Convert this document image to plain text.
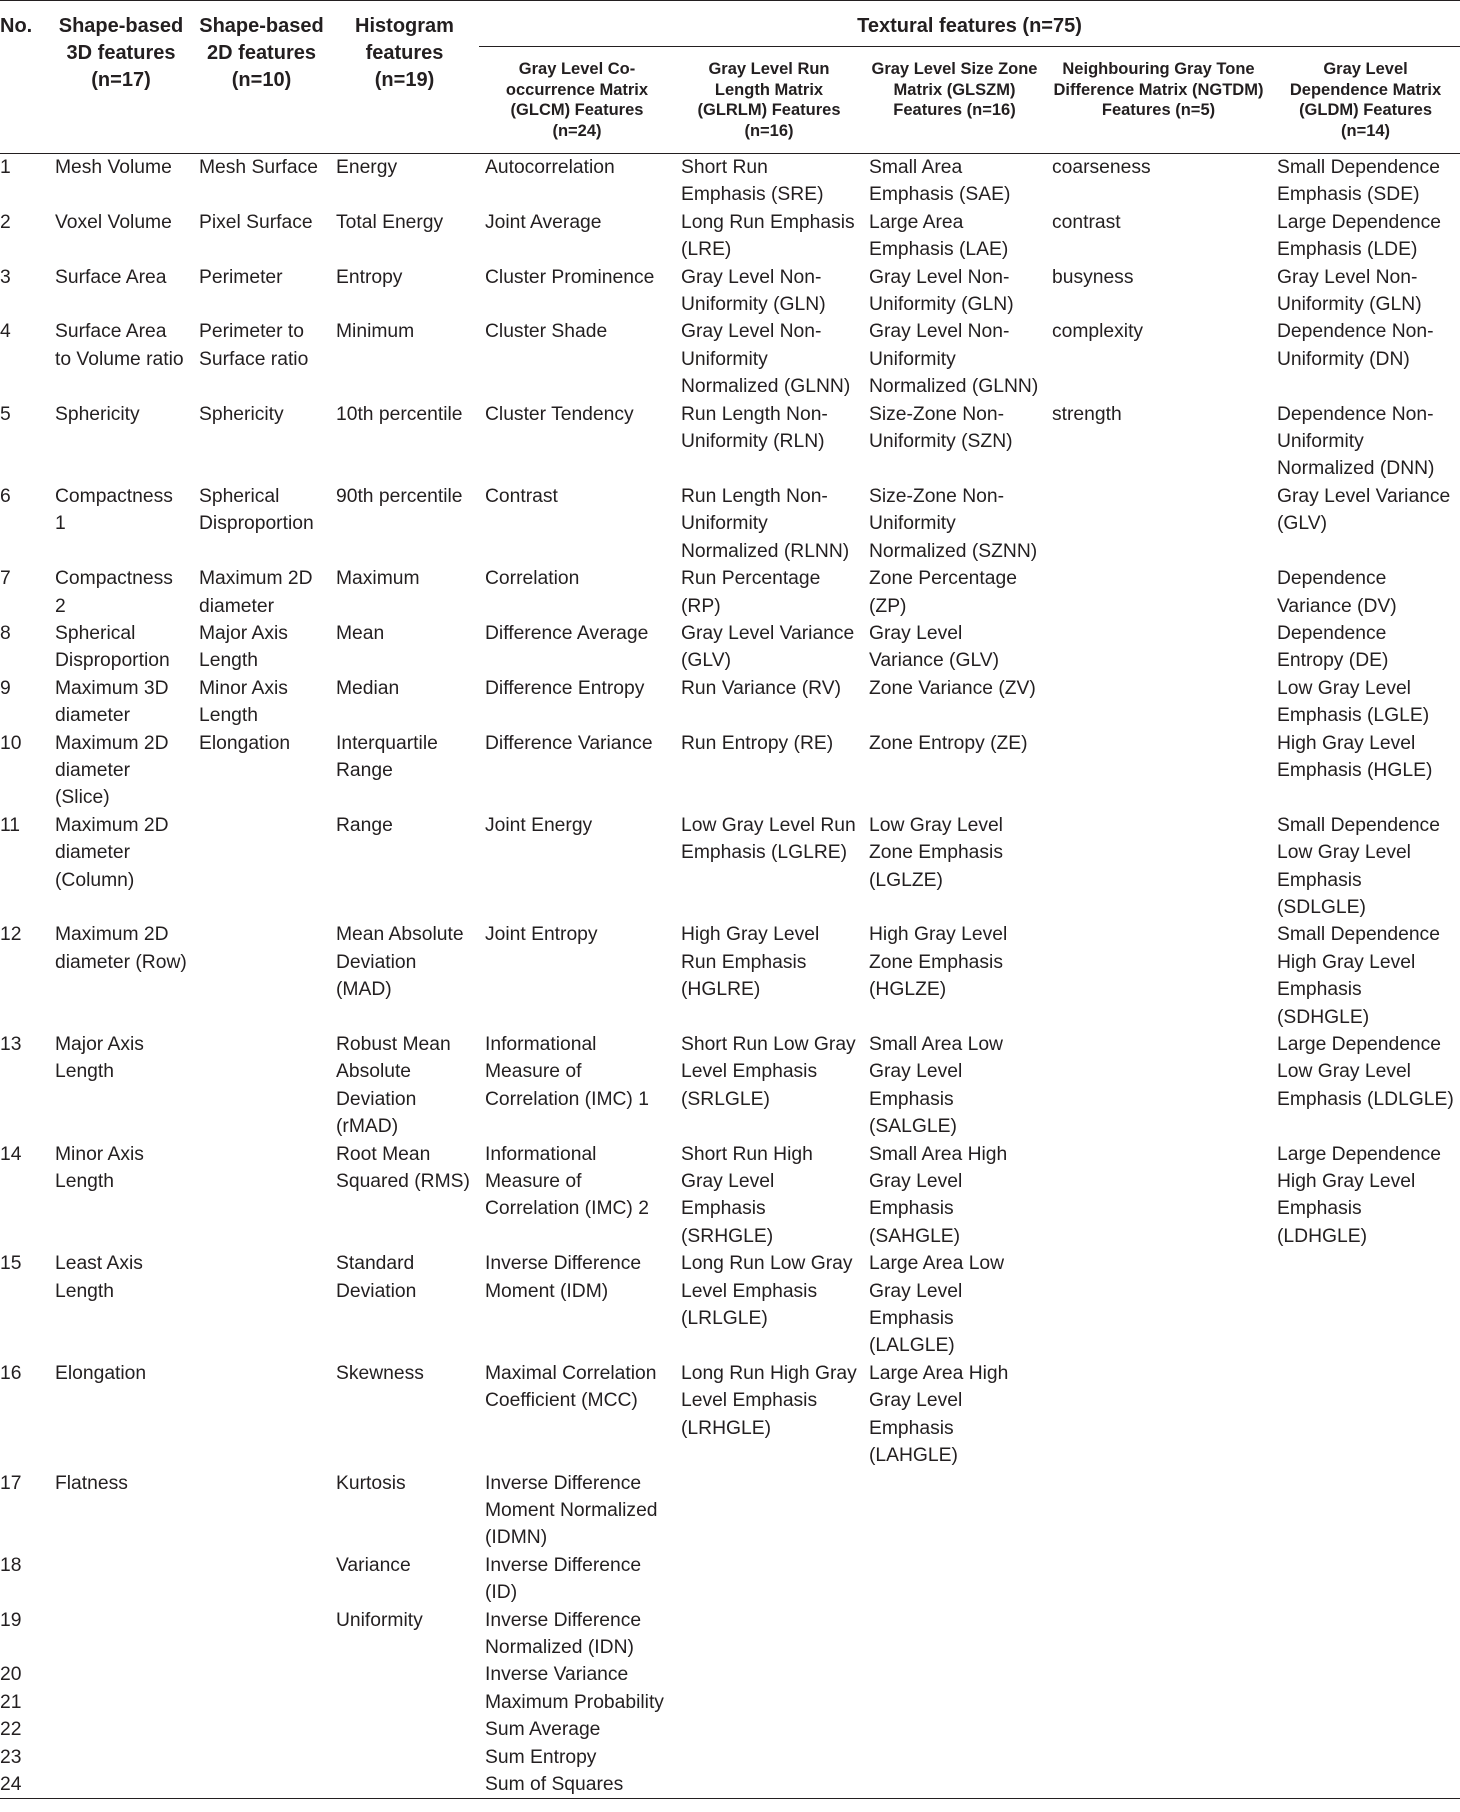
No.	Shape-based 3D features (n=17)	Shape-based 2D features (n=10)	Histogram features (n=19)	Textural features (n=75)				
				Gray Level Co-occurrence Matrix (GLCM) Features (n=24)	Gray Level Run Length Matrix (GLRLM) Features (n=16)	Gray Level Size Zone Matrix (GLSZM) Features (n=16)	Neighbouring Gray Tone Difference Matrix (NGTDM) Features (n=5)	Gray Level Dependence Matrix (GLDM) Features (n=14)
1	Mesh Volume	Mesh Surface	Energy	Autocorrelation	Short Run Emphasis (SRE)	Small Area Emphasis (SAE)	coarseness	Small Dependence Emphasis (SDE)
2	Voxel Volume	Pixel Surface	Total Energy	Joint Average	Long Run Emphasis (LRE)	Large Area Emphasis (LAE)	contrast	Large Dependence Emphasis (LDE)
3	Surface Area	Perimeter	Entropy	Cluster Prominence	Gray Level Non-Uniformity (GLN)	Gray Level Non-Uniformity (GLN)	busyness	Gray Level Non-Uniformity (GLN)
4	Surface Area to Volume ratio	Perimeter to Surface ratio	Minimum	Cluster Shade	Gray Level Non-Uniformity Normalized (GLNN)	Gray Level Non-Uniformity Normalized (GLNN)	complexity	Dependence Non-Uniformity (DN)
5	Sphericity	Sphericity	10th percentile	Cluster Tendency	Run Length Non-Uniformity (RLN)	Size-Zone Non-Uniformity (SZN)	strength	Dependence Non-Uniformity Normalized (DNN)
6	Compactness 1	Spherical Disproportion	90th percentile	Contrast	Run Length Non-Uniformity Normalized (RLNN)	Size-Zone Non-Uniformity Normalized (SZNN)		Gray Level Variance (GLV)
7	Compactness 2	Maximum 2D diameter	Maximum	Correlation	Run Percentage (RP)	Zone Percentage (ZP)		Dependence Variance (DV)
8	Spherical Disproportion	Major Axis Length	Mean	Difference Average	Gray Level Variance (GLV)	Gray Level Variance (GLV)		Dependence Entropy (DE)
9	Maximum 3D diameter	Minor Axis Length	Median	Difference Entropy	Run Variance (RV)	Zone Variance (ZV)		Low Gray Level Emphasis (LGLE)
10	Maximum 2D diameter (Slice)	Elongation	Interquartile Range	Difference Variance	Run Entropy (RE)	Zone Entropy (ZE)		High Gray Level Emphasis (HGLE)
11	Maximum 2D diameter (Column)		Range	Joint Energy	Low Gray Level Run Emphasis (LGLRE)	Low Gray Level Zone Emphasis (LGLZE)		Small Dependence Low Gray Level Emphasis (SDLGLE)
12	Maximum 2D diameter (Row)		Mean Absolute Deviation (MAD)	Joint Entropy	High Gray Level Run Emphasis (HGLRE)	High Gray Level Zone Emphasis (HGLZE)		Small Dependence High Gray Level Emphasis (SDHGLE)
13	Major Axis Length		Robust Mean Absolute Deviation (rMAD)	Informational Measure of Correlation (IMC) 1	Short Run Low Gray Level Emphasis (SRLGLE)	Small Area Low Gray Level Emphasis (SALGLE)		Large Dependence Low Gray Level Emphasis (LDLGLE)
14	Minor Axis Length		Root Mean Squared (RMS)	Informational Measure of Correlation (IMC) 2	Short Run High Gray Level Emphasis (SRHGLE)	Small Area High Gray Level Emphasis (SAHGLE)		Large Dependence High Gray Level Emphasis (LDHGLE)
15	Least Axis Length		Standard Deviation	Inverse Difference Moment (IDM)	Long Run Low Gray Level Emphasis (LRLGLE)	Large Area Low Gray Level Emphasis (LALGLE)		
16	Elongation		Skewness	Maximal Correlation Coefficient (MCC)	Long Run High Gray Level Emphasis (LRHGLE)	Large Area High Gray Level Emphasis (LAHGLE)		
17	Flatness		Kurtosis	Inverse Difference Moment Normalized (IDMN)				
18			Variance	Inverse Difference (ID)				
19			Uniformity	Inverse Difference Normalized (IDN)				
20				Inverse Variance				
21				Maximum Probability				
22				Sum Average				
23				Sum Entropy				
24				Sum of Squares				
